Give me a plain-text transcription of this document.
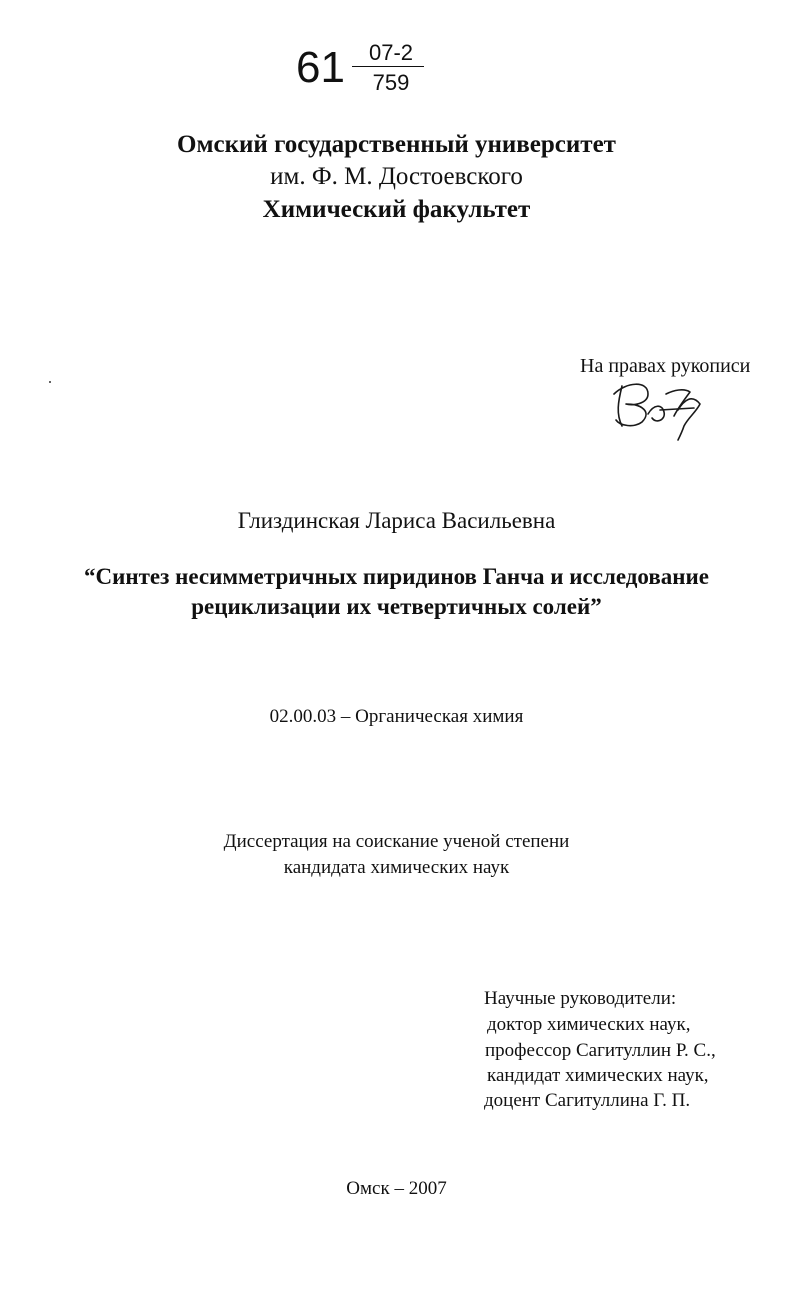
61	07-2
759
Омский государственный университет
им. Ф. М. Достоевского
Химический факультет
На правах рукописи
Глиздинская Лариса Васильевна
“Синтез несимметричных пиридинов Ганча и исследование
рециклизации их четвертичных солей”
02.00.03 – Органическая химия
Диссертация на соискание ученой степени
кандидата химических наук
Научные руководители:
доктор химических наук,
профессор Сагитуллин Р. С.,
кандидат химических наук,
доцент Сагитуллина Г. П.
Омск – 2007
